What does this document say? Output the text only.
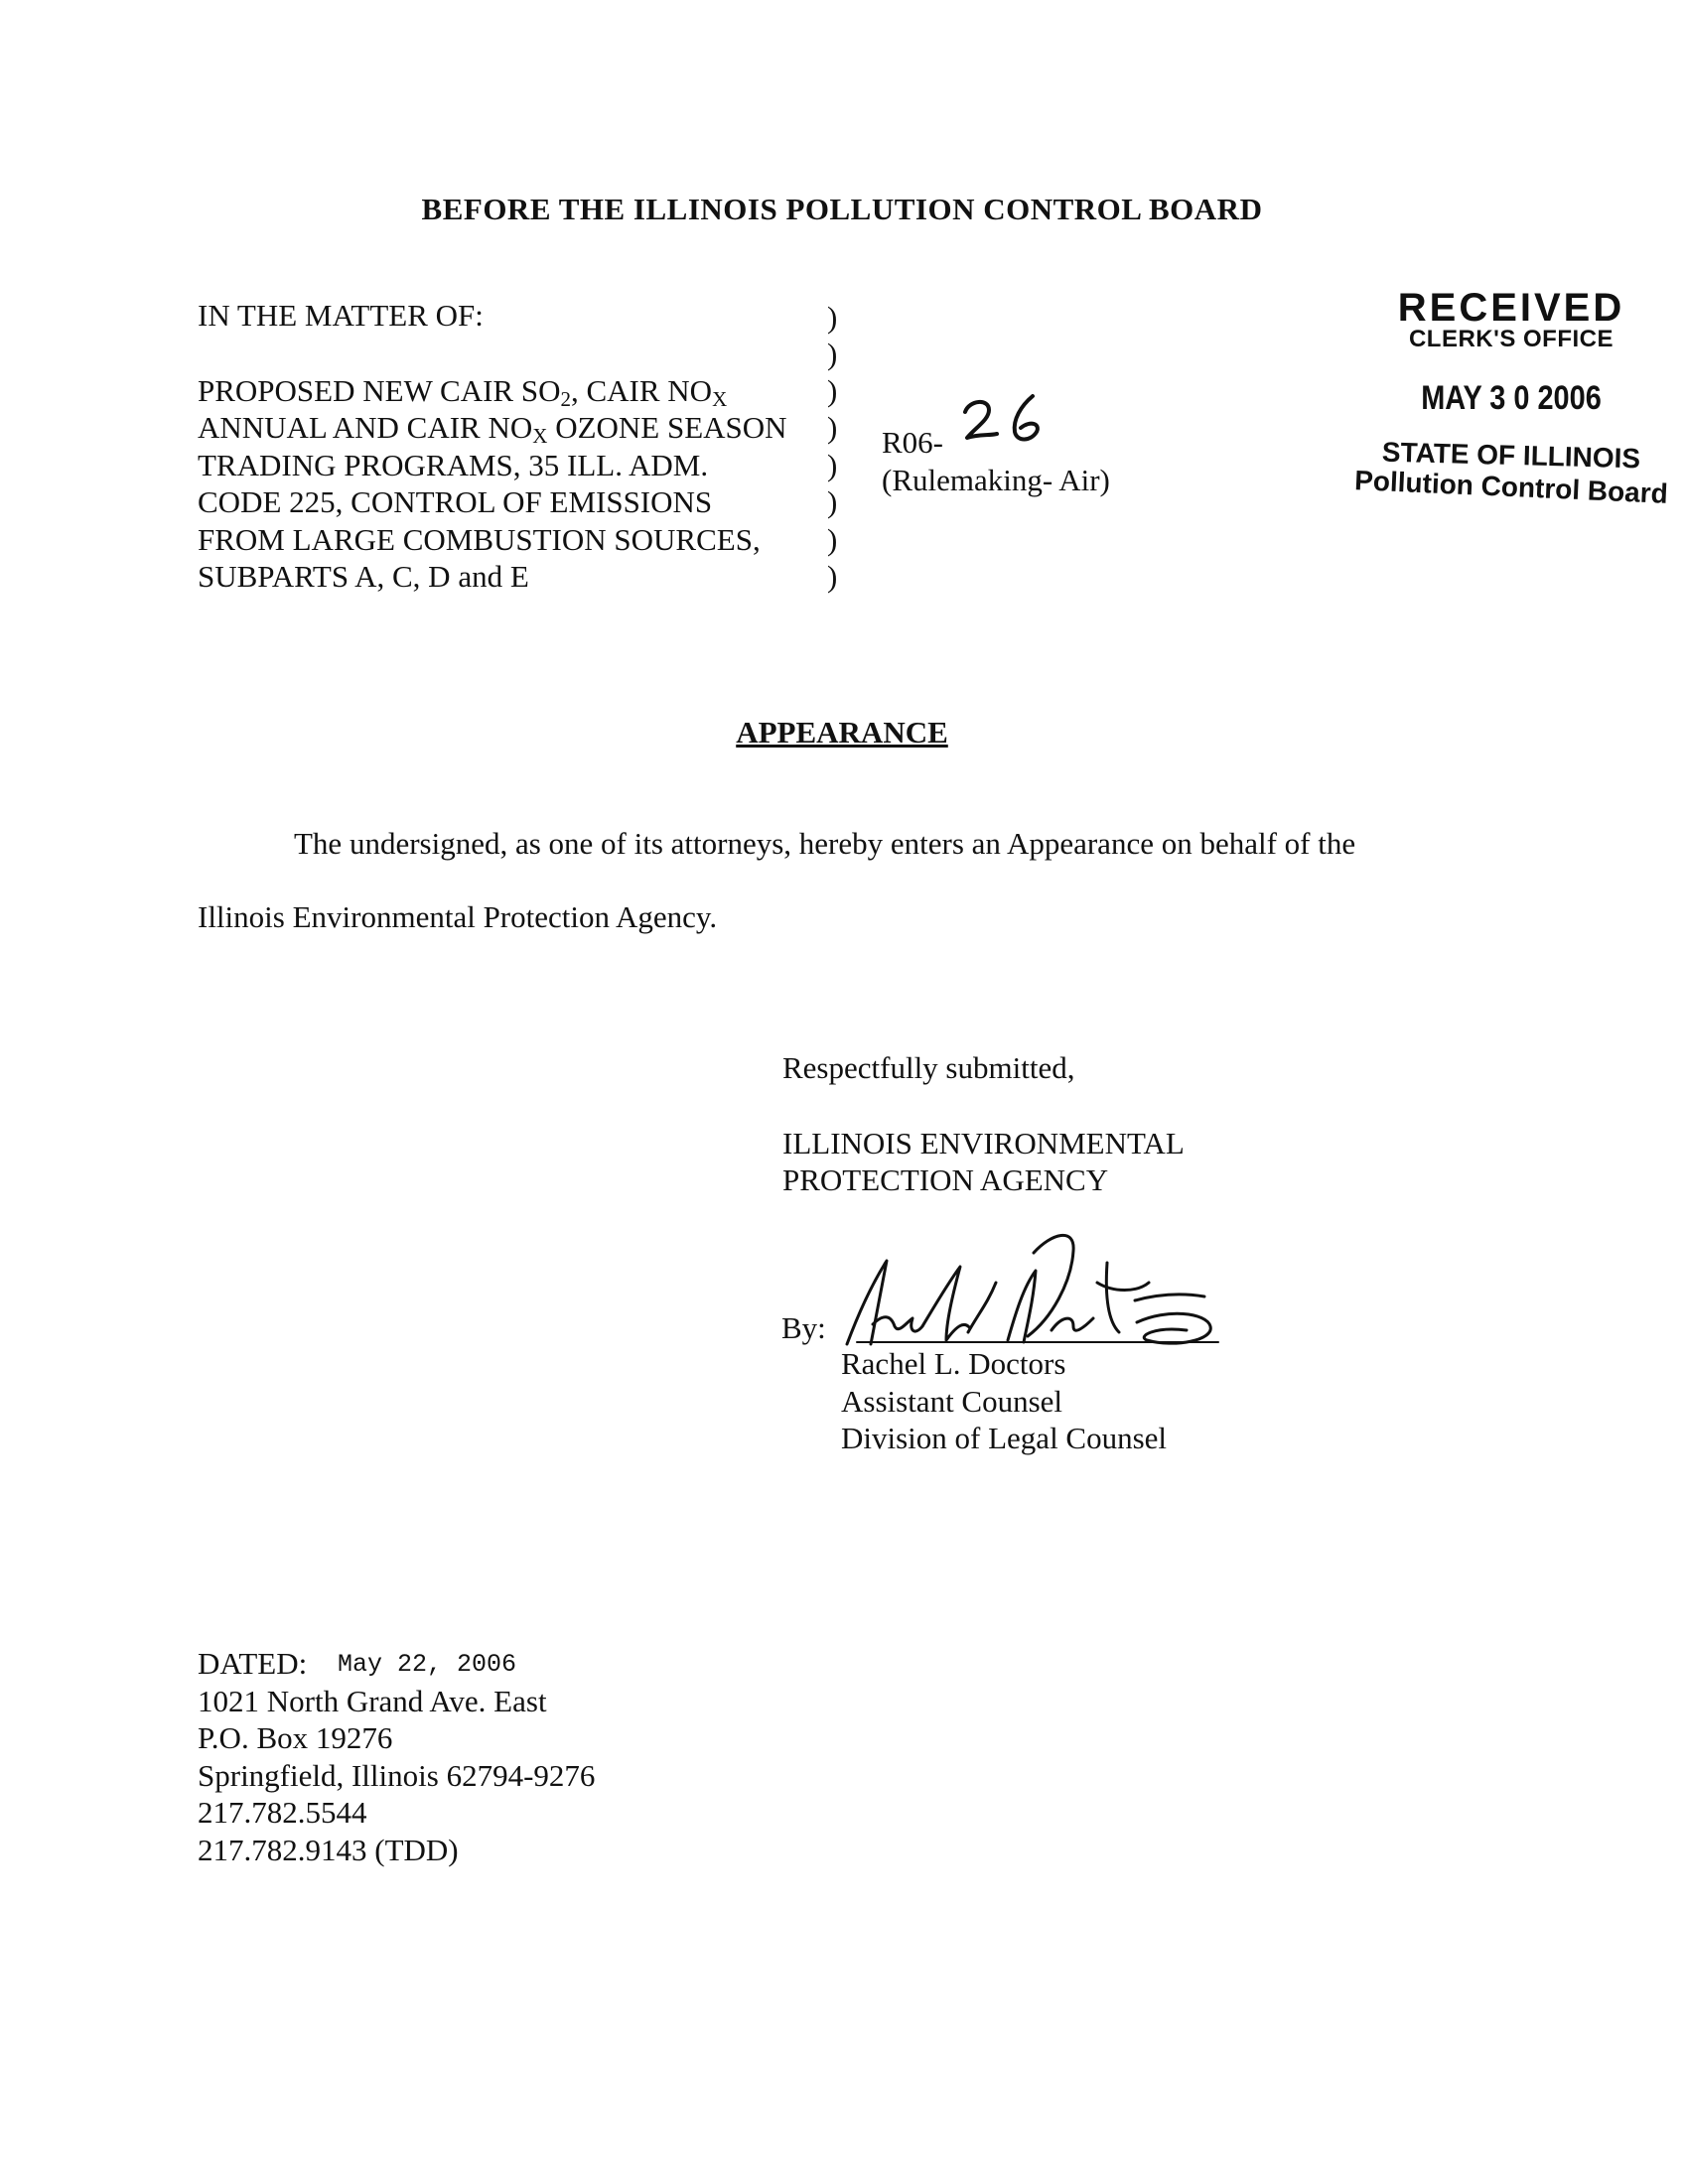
BEFORE THE ILLINOIS POLLUTION CONTROL BOARD
IN THE MATTER OF:
PROPOSED NEW CAIR $SO_2$, CAIR $NO_X$
ANNUAL AND CAIR $NO_X$ OZONE SEASON
TRADING PROGRAMS, 35 ILL. ADM.
CODE 225, CONTROL OF EMISSIONS
FROM LARGE COMBUSTION SOURCES,
SUBPARTS A, C, D and E
)
)
)
)
)
)
)
)
R06-
(Rulemaking- Air)
RECEIVED
CLERK'S OFFICE
MAY 3 0 2006
STATE OF ILLINOIS
Pollution Control Board
APPEARANCE
The undersigned, as one of its attorneys, hereby enters an Appearance on behalf of the
Illinois Environmental Protection Agency.
Respectfully submitted,
ILLINOIS ENVIRONMENTAL
PROTECTION AGENCY
By:
Rachel L. Doctors
Assistant Counsel
Division of Legal Counsel
DATED: May 22, 2006
1021 North Grand Ave. East
P.O. Box 19276
Springfield, Illinois 62794-9276
217.782.5544
217.782.9143 (TDD)
